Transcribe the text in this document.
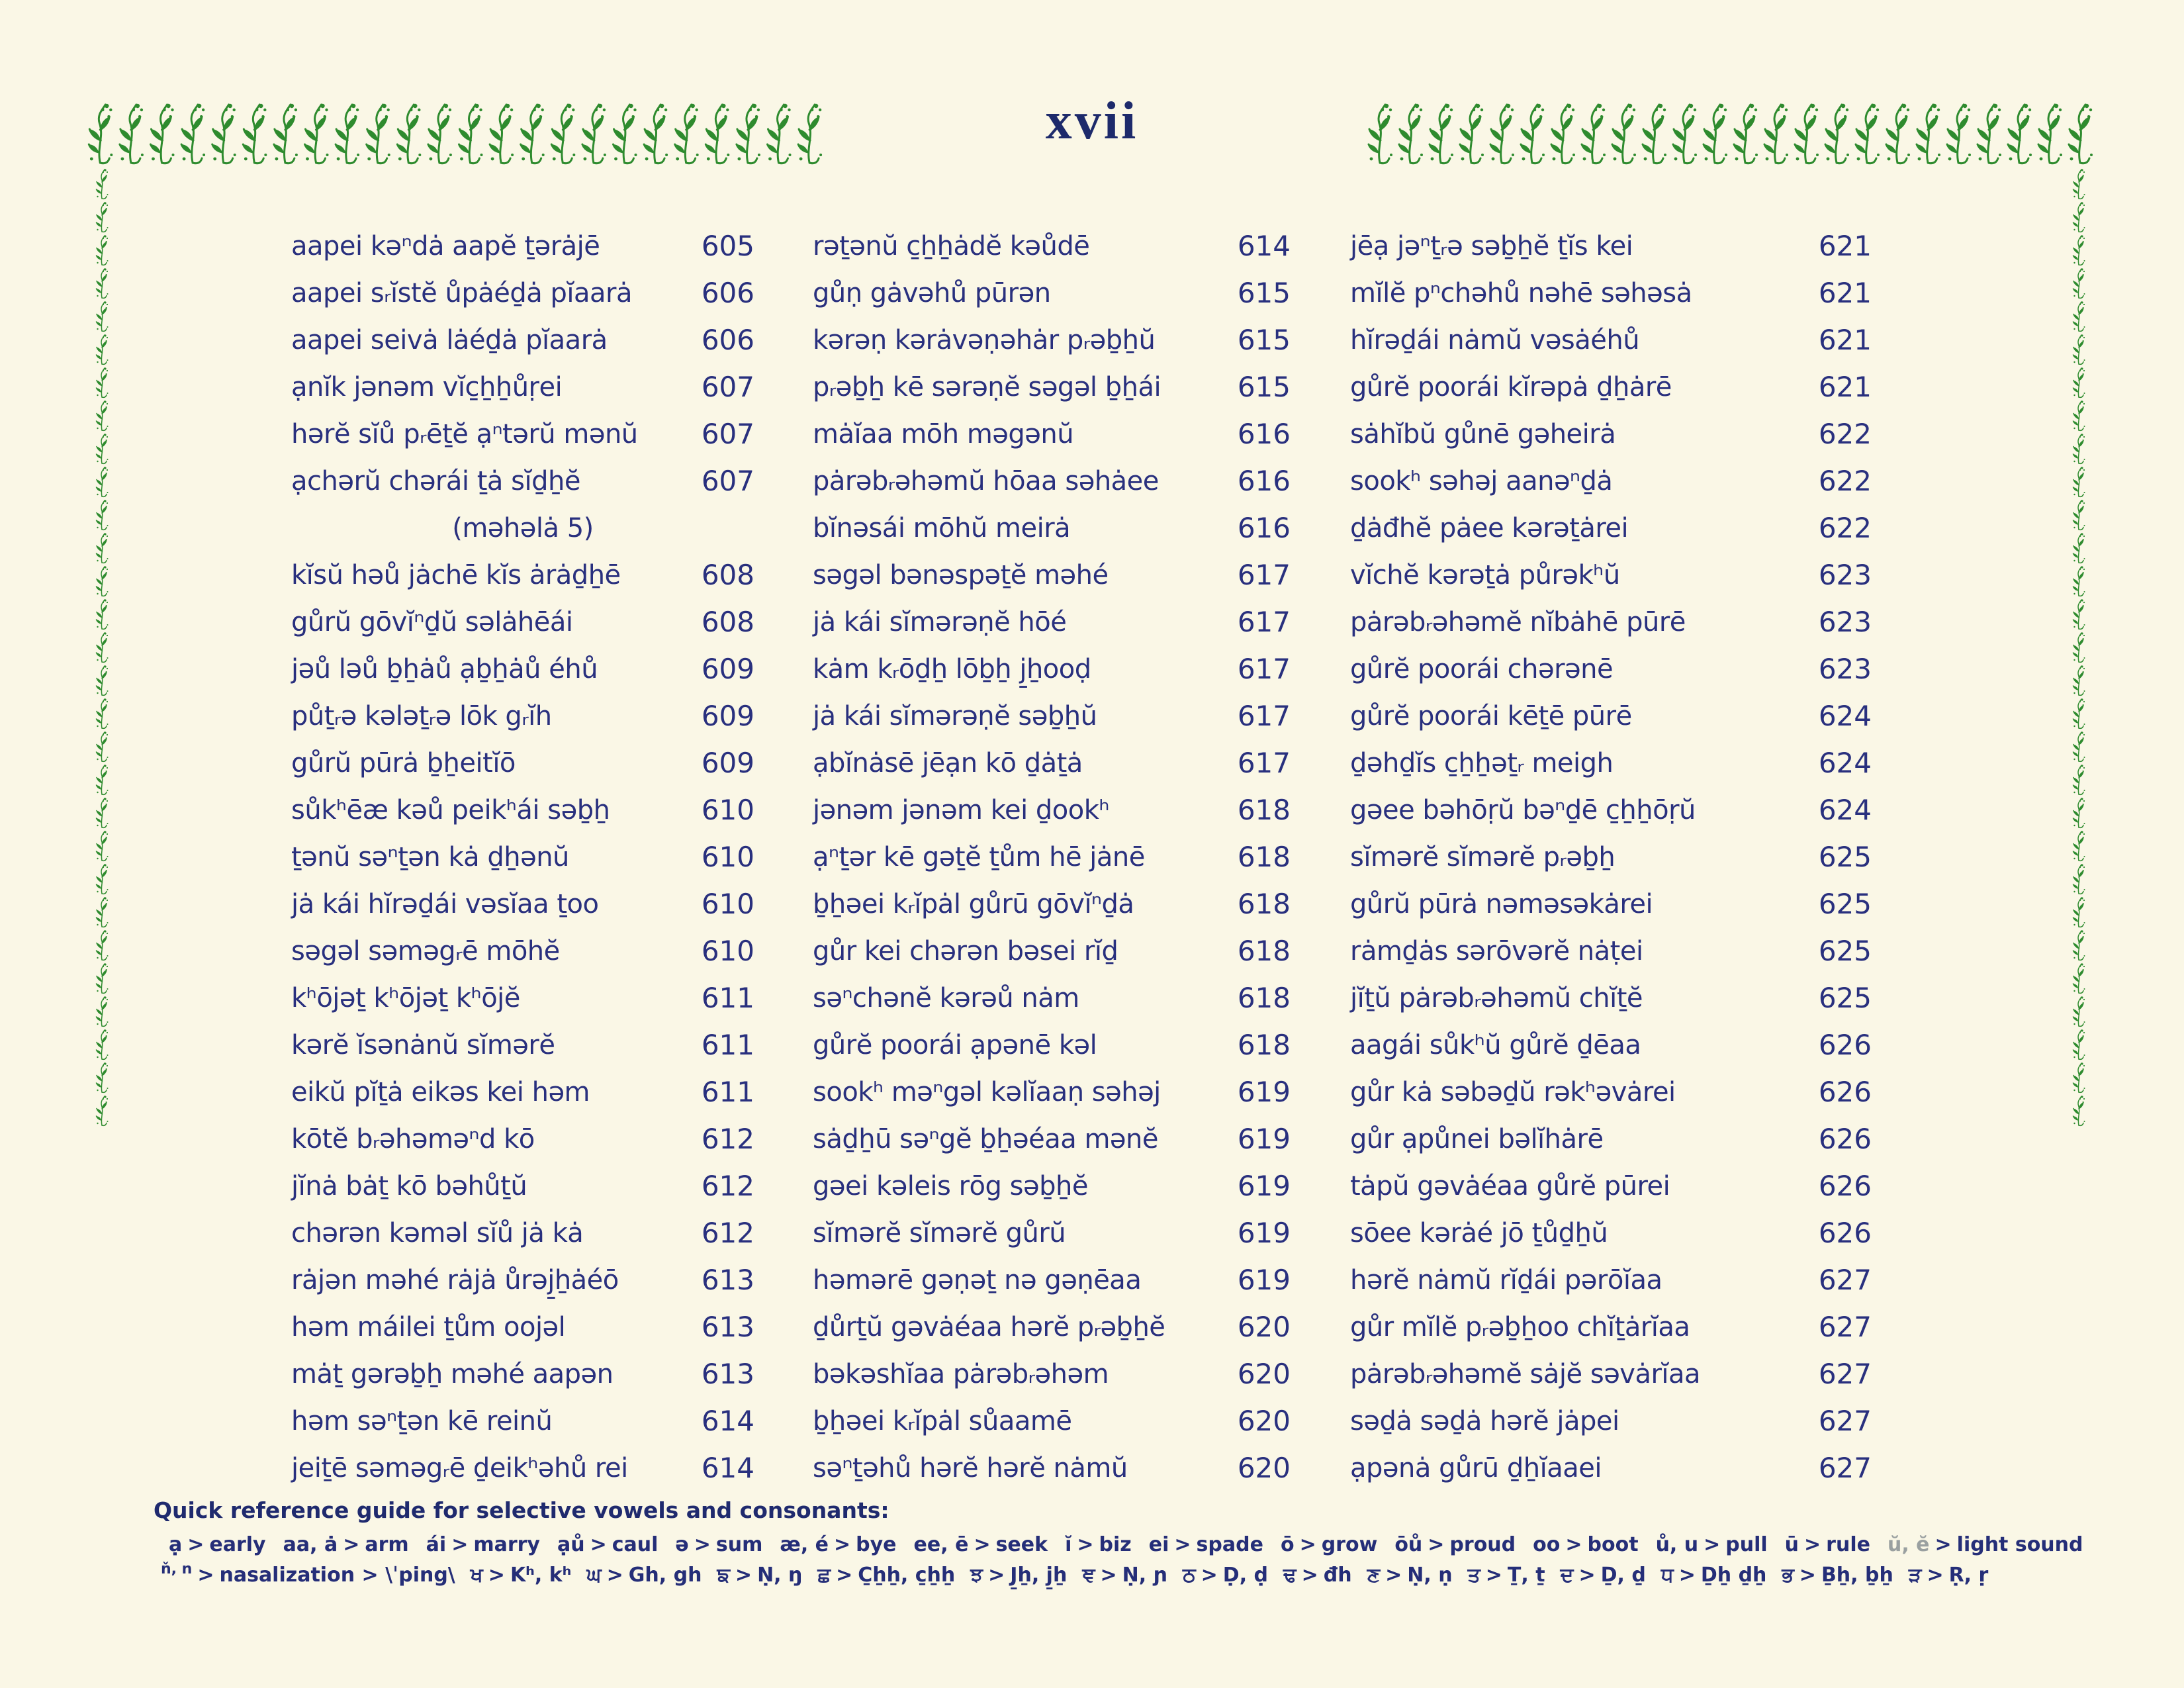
xvii
aapei kəⁿdȧ aapĕ ṯərȧjē	605
aapei sᵣĭstĕ ůpȧéḏȧ pĭaarȧ 606
aapei seivȧ lȧéḏȧ pĭaarȧ	606
ạnĭk jənəm vĭc̱ẖẖůṛei	607
hərĕ sĭů pᵣēṯĕ ạⁿtərŭ mənŭ 607
ạchərŭ chərái ṯȧ sĭḏẖĕ	607
(məhəlȧ 5)
kĭsŭ həů jȧchē kĭs ȧrȧḏẖē	608
gůrŭ gōvĭⁿḏŭ səlȧhēái	608
jəů ləů ḇẖȧů ạḇẖȧů éhů	609
půṯᵣə kələṯᵣə lōk gᵣĭh	609
gůrŭ pūrȧ ḇẖeitĭō	609
sůkʰēæ kəů peikʰái səḇẖ	610
ṯənŭ səⁿṯən kȧ ḏẖənŭ	610
jȧ kái hĭrəḏái vəsĭaa ṯoo	610
səgəl səməgᵣē mōhĕ	610
kʰōjəṯ kʰōjəṯ kʰōjĕ	611
kərĕ ĭsənȧnŭ sĭmərĕ	611
eikŭ pĭṯȧ eikəs kei həm	611
kōtĕ bᵣəhəməⁿd kō	612
jĭnȧ bȧṯ kō bəhůṯŭ	612
chərən kəməl sĭů jȧ kȧ	612
rȧjən məhé rȧjȧ ůrəj̱ẖȧéō	613
həm máilei ṯům oojəl	613
mȧṯ gərəḇẖ məhé aapən	613
həm səⁿṯən kē reinŭ	614
jeiṯē səməgᵣē ḏeikʰəhů rei	614
rəṯənŭ c̱ẖẖȧdĕ kəůdē	614
gůṇ gȧvəhů pūrən	615
kərəṇ kərȧvəṇəhȧr pᵣəḇẖŭ	615
pᵣəḇẖ kē sərəṇĕ səgəl ḇẖái	615
mȧĭaa mōh məgənŭ	616
pȧrəbᵣəhəmŭ hōaa səhȧee	616
bĭnəsái mōhŭ meirȧ	616
səgəl bənəspəṯĕ məhé	617
jȧ kái sĭmərəṇĕ hōé	617
kȧm kᵣōḏẖ lōḇẖ j̱ẖooḍ	617
jȧ kái sĭmərəṇĕ səḇẖŭ	617
ạbĭnȧsē jēạn kō ḏȧṯȧ	617
jənəm jənəm kei ḏookʰ	618
ạⁿṯər kē gəṯĕ ṯům hē jȧnē	618
ḇẖəei kᵣĭpȧl gůrū gōvĭⁿḏȧ	618
gůr kei chərən bəsei rĭḏ	618
səⁿchənĕ kərəů nȧm	618
gůrĕ poorái ạpənē kəl	618
sookʰ məⁿgəl kəlĭaaṇ səhəj	619
sȧḏẖū səⁿgĕ ḇẖəéaa mənĕ	619
gəei kəleis rōg səḇẖĕ	619
sĭmərĕ sĭmərĕ gůrŭ	619
həmərē gəṇəṯ nə gəṇēaa	619
ḏůrṯŭ gəvȧéaa hərĕ pᵣəḇẖĕ	620
bəkəshĭaa pȧrəbᵣəhəm	620
ḇẖəei kᵣĭpȧl sůaamē	620
səⁿṯəhů hərĕ hərĕ nȧmŭ	620
jēạ jəⁿṯᵣə səḇẖĕ ṯĭs kei	621
mĭlĕ pⁿchəhů nəhē səhəsȧ	621
hĭrəḏái nȧmŭ vəsȧéhů	621
gůrĕ poorái kĭrəpȧ ḏẖȧrē	621
sȧhĭbŭ gůnē gəheirȧ	622
sookʰ səhəj aanəⁿḏȧ	622
ḏȧđhĕ pȧee kərəṯȧrei	622
vĭchĕ kərəṯȧ půrəkʰŭ	623
pȧrəbᵣəhəmĕ nĭbȧhē pūrē	623
gůrĕ poorái chərənē	623
gůrĕ poorái kēṯē pūrē	624
ḏəhḏĭs c̱ẖẖəṯᵣ meigh	624
gəee bəhōṛŭ bəⁿḏē c̱ẖẖōṛŭ	624
sĭmərĕ sĭmərĕ pᵣəḇẖ	625
gůrŭ pūrȧ nəməsəkȧrei	625
rȧmḏȧs sərōvərĕ nȧṭei	625
jĭṯŭ pȧrəbᵣəhəmŭ chĭṯĕ	625
aagái sůkʰŭ gůrĕ ḏēaa	626
gůr kȧ səbəḏŭ rəkʰəvȧrei	626
gůr ạpůnei bəlĭhȧrē	626
tȧpŭ gəvȧéaa gůrĕ pūrei	626
sōee kərȧé jō ṯůḏẖŭ	626
hərĕ nȧmŭ rĭḏái pərōĭaa	627
gůr mĭlĕ pᵣəḇẖoo chĭṯȧrĭaa	627
pȧrəbᵣəhəmĕ sȧjĕ səvȧrĭaa	627
səḏȧ səḏȧ hərĕ jȧpei	627
ạpənȧ gůrū ḏẖĭaaei	627
Quick reference guide for selective vowels and consonants:
ạ > early aa, ȧ > arm ái > marry ạů > caul ə > sum æ, é > bye ee, ē > seek ĭ > biz ei > spade ō > grow ōů > proud oo > boot ů, u > pull ū > rule ŭ, ĕ > light sound
ň, n > nasalization > \ˈping\ ਖ > Kʰ, kʰ ਘ > Gh, gh ਙ > Ṇ, ŋ ਛ > C̱ẖẖ, c̱ẖẖ ਝ > J̱ẖ, j̱ẖ ਞ > Ṇ, ɲ ਠ > Ḍ, ḍ ਢ > đh ਣ > Ṇ, ṇ ਤ > Ṯ, ṯ ਦ > Ḏ, ḏ ਧ > Ḏẖ ḏẖ ਭ > Ḇẖ, ḇẖ ੜ > Ṛ, ṛ
